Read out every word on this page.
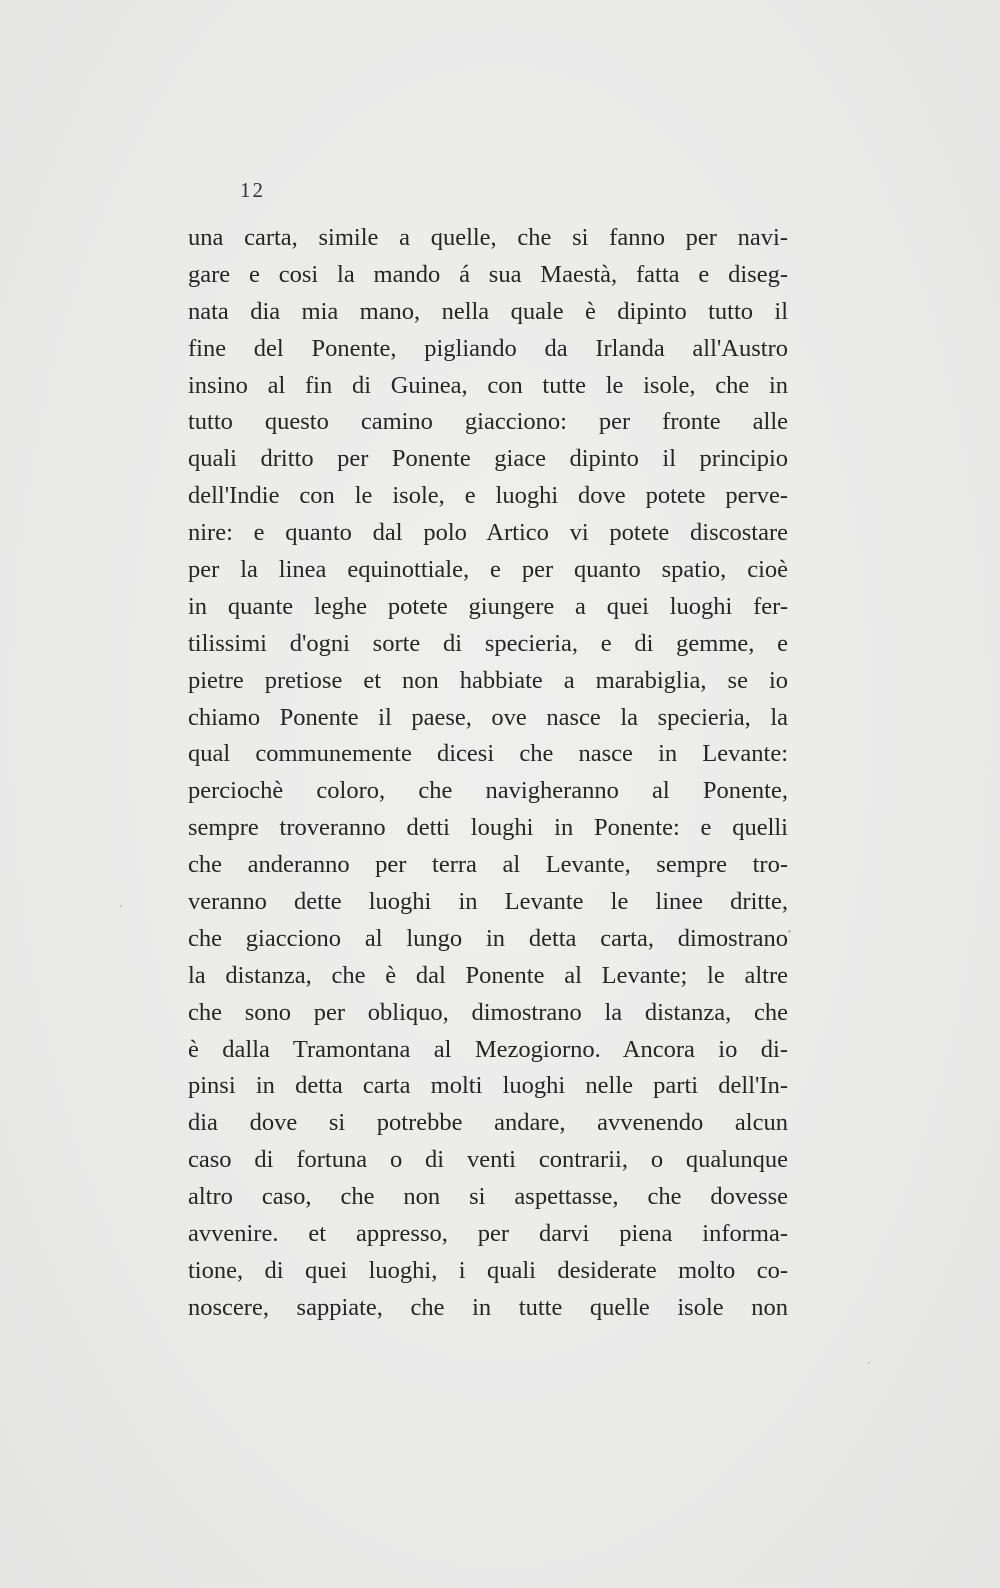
12
una carta, simile a quelle, che si fanno per navi-
gare e cosi la mando á sua Maestà, fatta e diseg-
nata dia mia mano, nella quale è dipinto tutto il
fine del Ponente, pigliando da Irlanda all'Austro
insino al fin di Guinea, con tutte le isole, che in
tutto questo camino giacciono: per fronte alle
quali dritto per Ponente giace dipinto il principio
dell'Indie con le isole, e luoghi dove potete perve-
nire: e quanto dal polo Artico vi potete discostare
per la linea equinottiale, e per quanto spatio, cioè
in quante leghe potete giungere a quei luoghi fer-
tilissimi d'ogni sorte di specieria, e di gemme, e
pietre pretiose et non habbiate a marabiglia, se io
chiamo Ponente il paese, ove nasce la specieria, la
qual communemente dicesi che nasce in Levante:
perciochè coloro, che navigheranno al Ponente,
sempre troveranno detti loughi in Ponente: e quelli
che anderanno per terra al Levante, sempre tro-
veranno dette luoghi in Levante le linee dritte,
che giacciono al lungo in detta carta, dimostrano
la distanza, che è dal Ponente al Levante; le altre
che sono per obliquo, dimostrano la distanza, che
è dalla Tramontana al Mezogiorno. Ancora io di-
pinsi in detta carta molti luoghi nelle parti dell'In-
dia dove si potrebbe andare, avvenendo alcun
caso di fortuna o di venti contrarii, o qualunque
altro caso, che non si aspettasse, che dovesse
avvenire. et appresso, per darvi piena informa-
tione, di quei luoghi, i quali desiderate molto co-
noscere, sappiate, che in tutte quelle isole non
